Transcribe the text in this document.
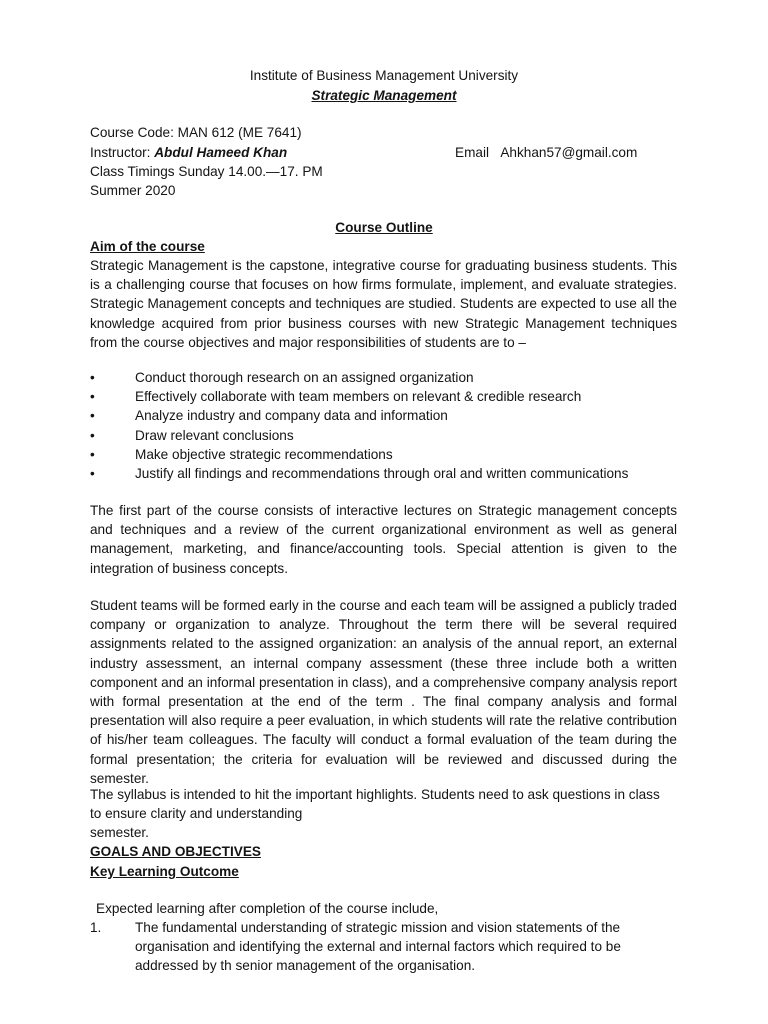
Institute of Business Management University
Strategic Management
Course Code: MAN 612 (ME 7641)
Instructor: Abdul Hameed Khan	Email Ahkhan57@gmail.com
Class Timings Sunday 14.00.—17. PM
Summer 2020
Course Outline
Aim of the course

Strategic Management is the capstone, integrative course for graduating business students. This is a challenging course that focuses on how firms formulate, implement, and evaluate strategies. Strategic Management concepts and techniques are studied. Students are expected to use all the knowledge acquired from prior business courses with new Strategic Management techniques from the course objectives and major responsibilities of students are to –

•	Conduct thorough research on an assigned organization
•	Effectively collaborate with team members on relevant & credible research
•	Analyze industry and company data and information
•	Draw relevant conclusions
•	Make objective strategic recommendations
•	Justify all findings and recommendations through oral and written communications

The first part of the course consists of interactive lectures on Strategic management concepts and techniques and a review of the current organizational environment as well as general management, marketing, and finance/accounting tools. Special attention is given to the integration of business concepts.

Student teams will be formed early in the course and each team will be assigned a publicly traded company or organization to analyze. Throughout the term there will be several required assignments related to the assigned organization: an analysis of the annual report, an external industry assessment, an internal company assessment (these three include both a written component and an informal presentation in class), and a comprehensive company analysis report with formal presentation at the end of the term . The final company analysis and formal presentation will also require a peer evaluation, in which students will rate the relative contribution of his/her team colleagues. The faculty will conduct a formal evaluation of the team during the formal presentation; the criteria for evaluation will be reviewed and discussed during the semester.

The syllabus is intended to hit the important highlights. Students need to ask questions in class
to ensure clarity and understanding
semester.
GOALS AND OBJECTIVES
Key Learning Outcome
Expected learning after completion of the course include,
1. The fundamental understanding of strategic mission and vision statements of the
organisation and identifying the external and internal factors which required to be
addressed by th senior management of the organisation.
